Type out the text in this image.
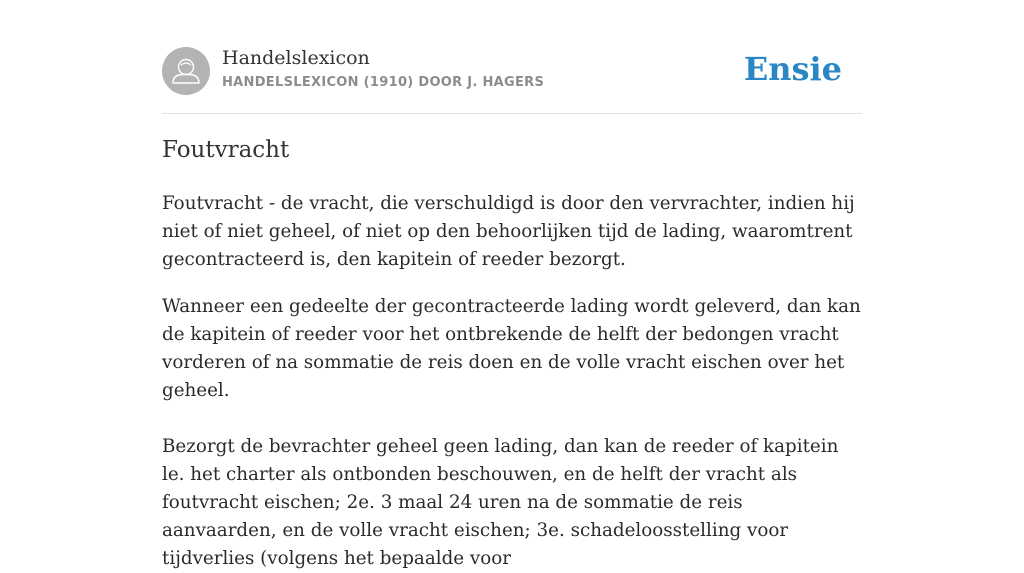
Handelslexicon
HANDELSLEXICON (1910) DOOR J. HAGERS	Ensie
Foutvracht

Foutvracht - de vracht, die verschuldigd is door den vervrachter, indien hij niet of niet geheel, of niet op den behoorlijken tijd de lading, waaromtrent gecontracteerd is, den kapitein of reeder bezorgt.

Wanneer een gedeelte der gecontracteerde lading wordt geleverd, dan kan de kapitein of reeder voor het ontbrekende de helft der bedongen vracht vorderen of na sommatie de reis doen en de volle vracht eischen over het geheel.

Bezorgt de bevrachter geheel geen lading, dan kan de reeder of kapitein le. het charter als ontbonden beschouwen, en de helft der vracht als foutvracht eischen; 2e. 3 maal 24 uren na de sommatie de reis aanvaarden, en de volle vracht eischen; 3e. schadeloosstelling voor tijdverlies (volgens het bepaalde voor
